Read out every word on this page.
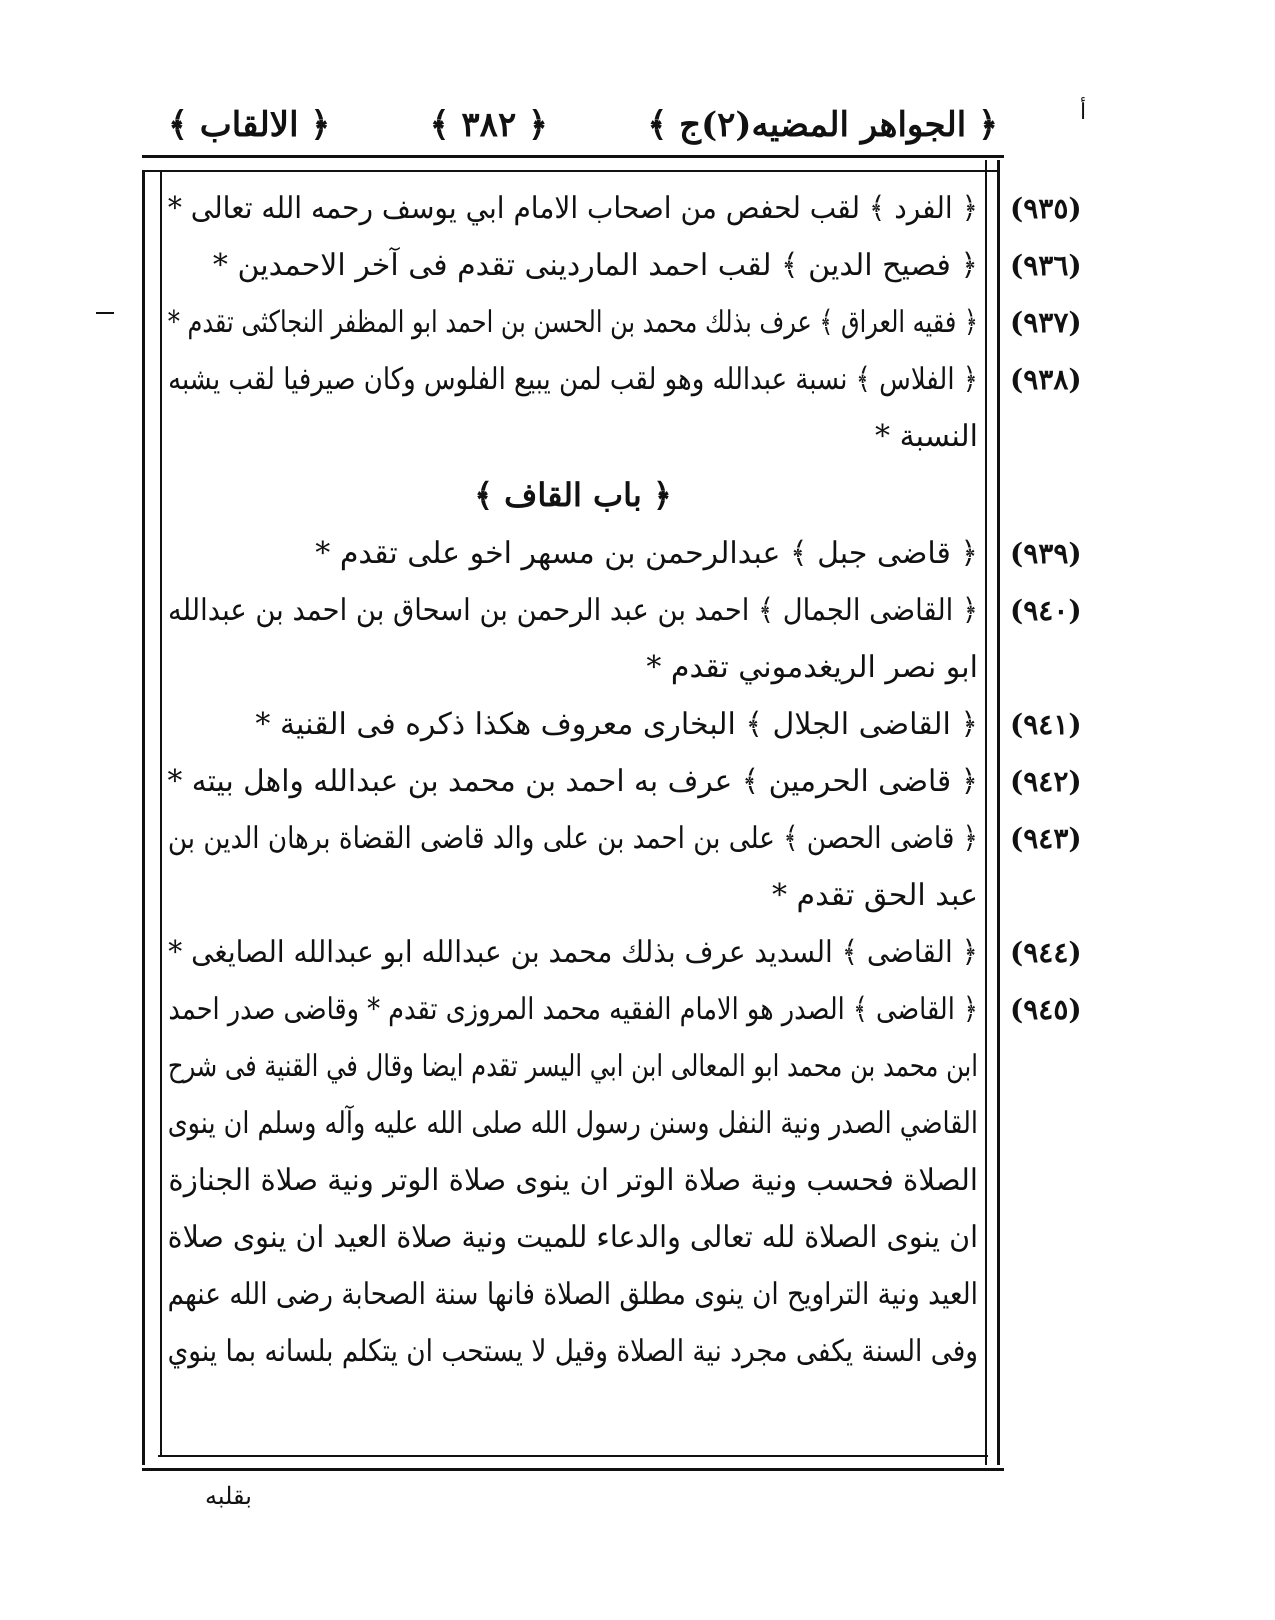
﴿ الجواهر المضيه(٢)ج ﴾
﴿ ٣٨٢ ﴾
﴿ الالقاب ﴾	أ
(٩٣٥)
﴿ الفرد ﴾ لقب لحفص من اصحاب الامام ابي يوسف رحمه الله تعالى *
(٩٣٦)
﴿ فصيح الدين ﴾ لقب احمد الماردينى تقدم فى آخر الاحمدين *
(٩٣٧)
﴿ فقيه العراق ﴾ عرف بذلك محمد بن الحسن بن احمد ابو المظفر النجاكثى تقدم *
(٩٣٨)
﴿ الفلاس ﴾ نسبة عبدالله وهو لقب لمن يبيع الفلوس وكان صيرفيا لقب يشبه
النسبة *
﴿ باب القاف ﴾
(٩٣٩)
﴿ قاضى جبل ﴾ عبدالرحمن بن مسهر اخو على تقدم *
(٩٤٠)
﴿ القاضى الجمال ﴾ احمد بن عبد الرحمن بن اسحاق بن احمد بن عبدالله
ابو نصر الريغدموني تقدم *
(٩٤١)
﴿ القاضى الجلال ﴾ البخارى معروف هكذا ذكره فى القنية *
(٩٤٢)
﴿ قاضى الحرمين ﴾ عرف به احمد بن محمد بن عبدالله واهل بيته *
(٩٤٣)
﴿ قاضى الحصن ﴾ على بن احمد بن على والد قاضى القضاة برهان الدين بن
عبد الحق تقدم *
(٩٤٤)
﴿ القاضى ﴾ السديد عرف بذلك محمد بن عبدالله ابو عبدالله الصايغى *
(٩٤٥)
﴿ القاضى ﴾ الصدر هو الامام الفقيه محمد المروزى تقدم * وقاضى صدر احمد
ابن محمد بن محمد ابو المعالى ابن ابي اليسر تقدم ايضا وقال في القنية فى شرح
القاضي الصدر ونية النفل وسنن رسول الله صلى الله عليه وآله وسلم ان ينوى
الصلاة فحسب ونية صلاة الوتر ان ينوى صلاة الوتر ونية صلاة الجنازة
ان ينوى الصلاة لله تعالى والدعاء للميت ونية صلاة العيد ان ينوى صلاة
العيد ونية التراويح ان ينوى مطلق الصلاة فانها سنة الصحابة رضى الله عنهم
وفى السنة يكفى مجرد نية الصلاة وقيل لا يستحب ان يتكلم بلسانه بما ينوي
بقلبه
